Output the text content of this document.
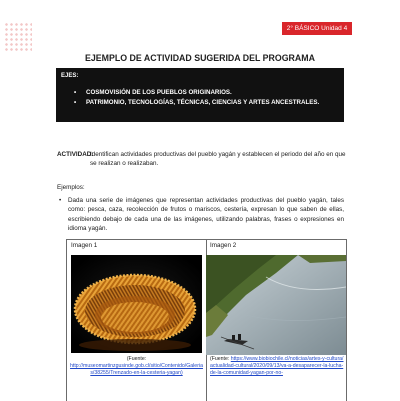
2° BÁSICO Unidad 4
EJEMPLO DE ACTIVIDAD SUGERIDA DEL PROGRAMA
EJES:
• COSMOVISIÓN DE LOS PUEBLOS ORIGINARIOS.
• PATRIMONIO, TECNOLOGÍAS, TÉCNICAS, CIENCIAS Y ARTES ANCESTRALES.
ACTIVIDAD:
Identifican actividades productivas del pueblo yagán y establecen el periodo del año en que se realizan o realizaban.
Ejemplos:
• Dada una serie de imágenes que representan actividades productivas del pueblo yagán, tales como: pesca, caza, recolección de frutos o mariscos, cestería, expresan lo que saben de ellas, escribiendo debajo de cada una de las imágenes, utilizando palabras, frases o expresiones en idioma yagán.
Imagen 1
(Fuente:
http://museomartinzgusinde.gob.cl/sitio/Contenido/Galerias/38255/Trenzado-en-la-cesteria-yagan)
Imagen 2
(Fuente: https://www.biobiochile.cl/noticias/artes-y-cultura/actualidad-cultural/2020/09/13/va-a-desaparecer-la-lucha-de-la-comunidad-yagan-por-no-
